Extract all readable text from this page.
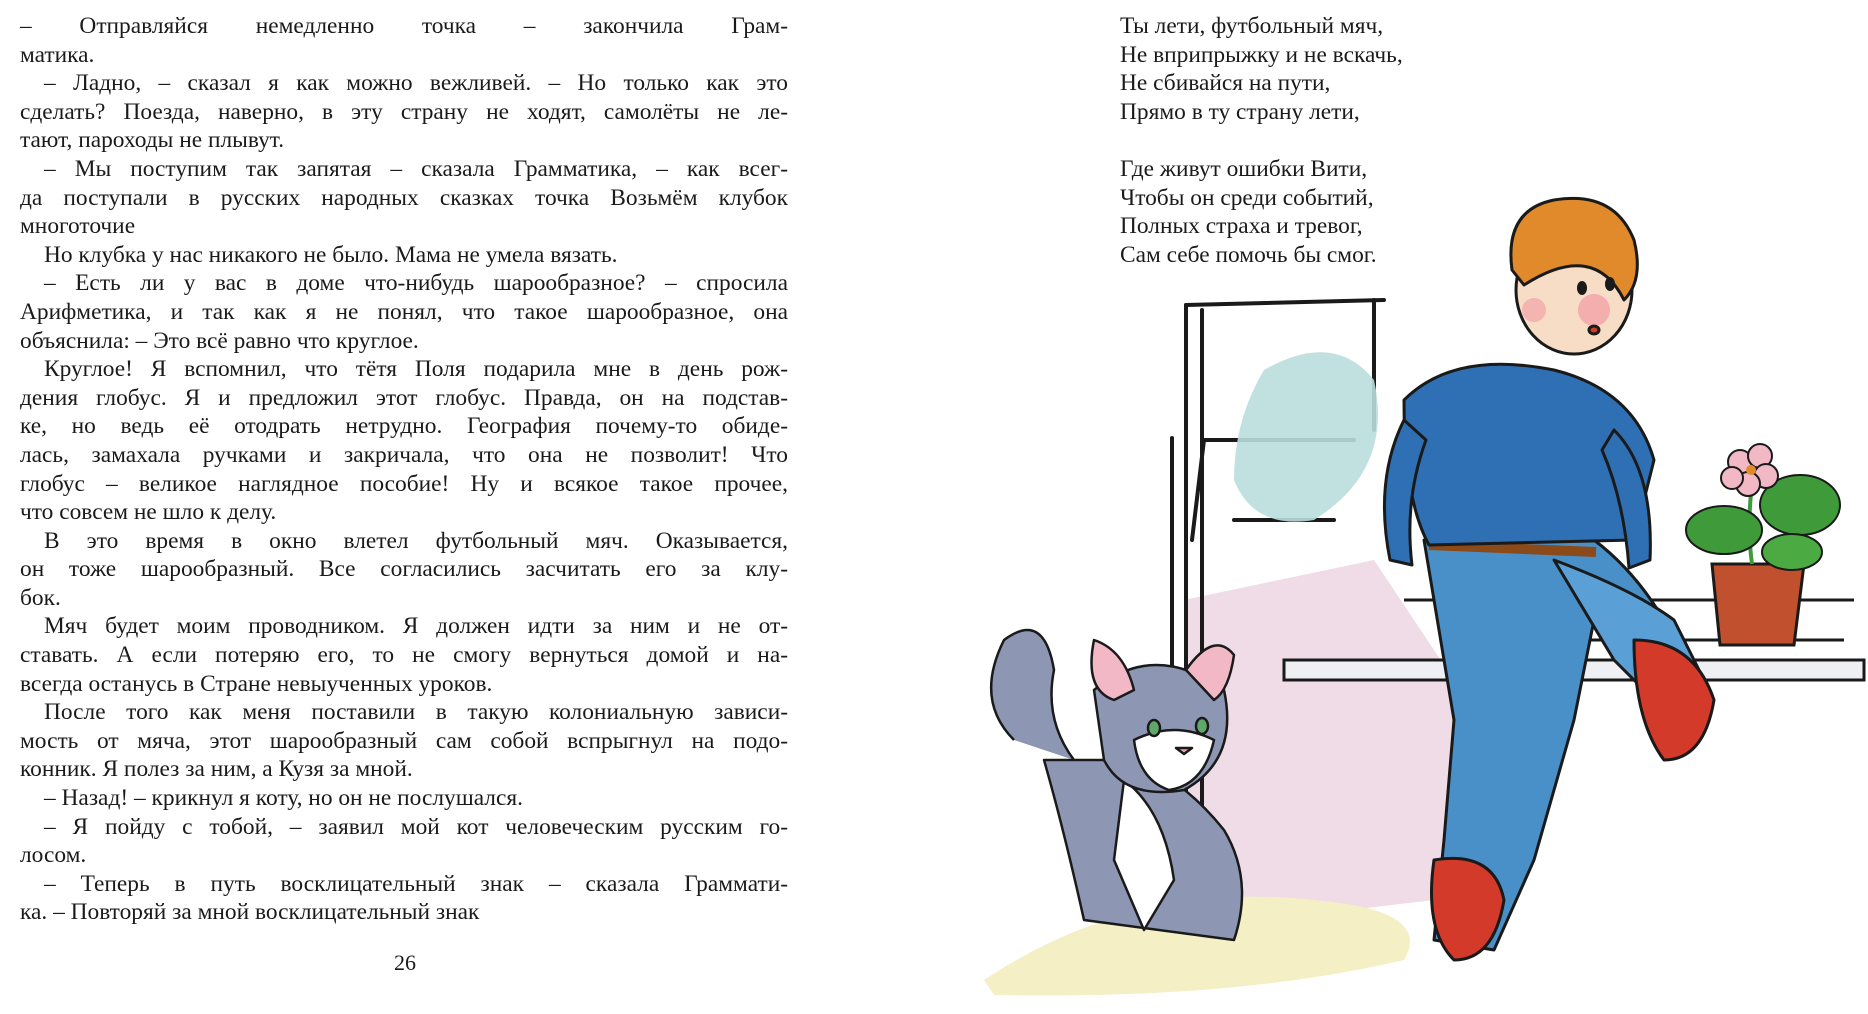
– Отправляйся немедленно точка – закончила Грам-

матика.

– Ладно, – сказал я как можно вежливей. – Но только как это

сделать? Поезда, наверно, в эту страну не ходят, самолёты не ле-

тают, пароходы не плывут.

– Мы поступим так запятая – сказала Грамматика, – как всег-

да поступали в русских народных сказках точка Возьмём клубок

многоточие

Но клубка у нас никакого не было. Мама не умела вязать.

– Есть ли у вас в доме что-нибудь шарообразное? – спросила

Арифметика, и так как я не понял, что такое шарообразное, она

объяснила: – Это всё равно что круглое.

Круглое! Я вспомнил, что тётя Поля подарила мне в день рож-

дения глобус. Я и предложил этот глобус. Правда, он на подстав-

ке, но ведь её отодрать нетрудно. География почему-то обиде-

лась, замахала ручками и закричала, что она не позволит! Что

глобус – великое наглядное пособие! Ну и всякое такое прочее,

что совсем не шло к делу.

В это время в окно влетел футбольный мяч. Оказывается,

он тоже шарообразный. Все согласились засчитать его за клу-

бок.

Мяч будет моим проводником. Я должен идти за ним и не от-

ставать. А если потеряю его, то не смогу вернуться домой и на-

всегда останусь в Стране невыученных уроков.

После того как меня поставили в такую колониальную зависи-

мость от мяча, этот шарообразный сам собой вспрыгнул на подо-

конник. Я полез за ним, а Кузя за мной.

– Назад! – крикнул я коту, но он не послушался.

– Я пойду с тобой, – заявил мой кот человеческим русским го-

лосом.

– Теперь в путь восклицательный знак – сказала Граммати-

ка. – Повторяй за мной восклицательный знак

26
Ты лети, футбольный мяч,
Не вприпрыжку и не вскачь,
Не сбивайся на пути,
Прямо в ту страну лети,
Где живут ошибки Вити,
Чтобы он среди событий,
Полных страха и тревог,
Сам себе помочь бы смог.
